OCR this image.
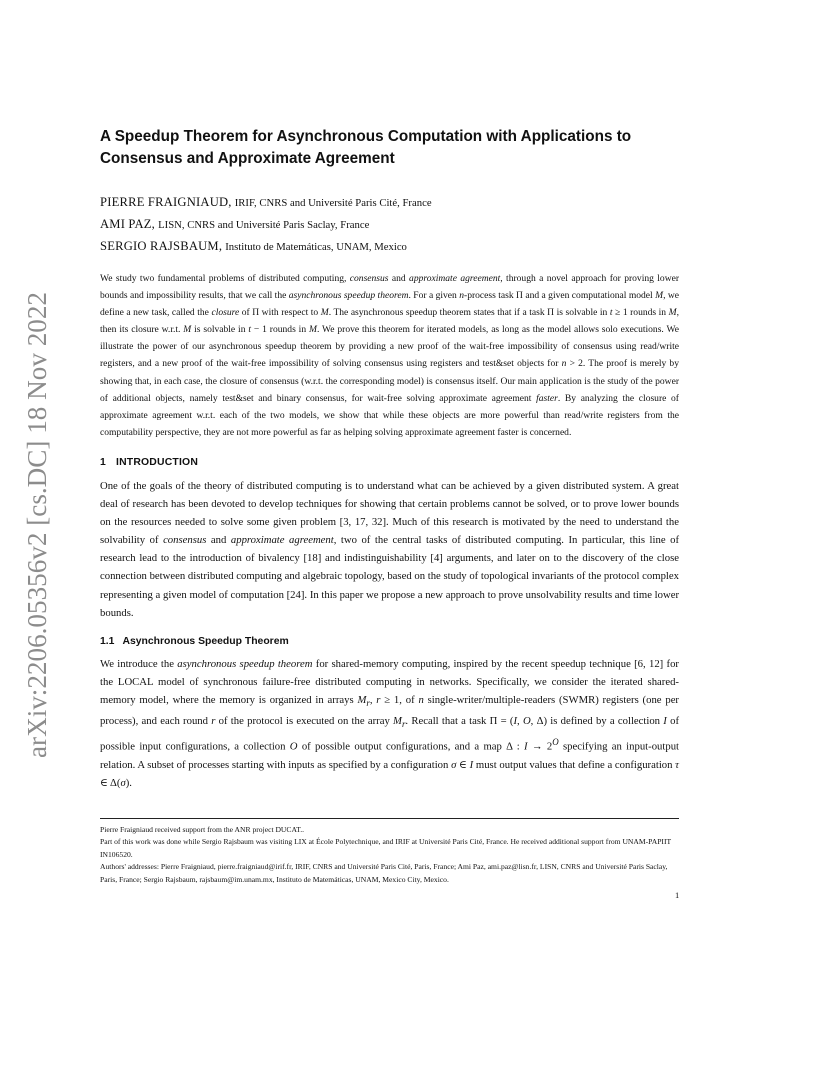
arXiv:2206.05356v2 [cs.DC] 18 Nov 2022
A Speedup Theorem for Asynchronous Computation with Applications to Consensus and Approximate Agreement
PIERRE FRAIGNIAUD, IRIF, CNRS and Université Paris Cité, France
AMI PAZ, LISN, CNRS and Université Paris Saclay, France
SERGIO RAJSBAUM, Instituto de Matemáticas, UNAM, Mexico

We study two fundamental problems of distributed computing, consensus and approximate agreement, through a novel approach for proving lower bounds and impossibility results, that we call the asynchronous speedup theorem. For a given n-process task Π and a given computational model M, we define a new task, called the closure of Π with respect to M. The asynchronous speedup theorem states that if a task Π is solvable in t ≥ 1 rounds in M, then its closure w.r.t. M is solvable in t − 1 rounds in M. We prove this theorem for iterated models, as long as the model allows solo executions. We illustrate the power of our asynchronous speedup theorem by providing a new proof of the wait-free impossibility of consensus using read/write registers, and a new proof of the wait-free impossibility of solving consensus using registers and test&set objects for n > 2. The proof is merely by showing that, in each case, the closure of consensus (w.r.t. the corresponding model) is consensus itself. Our main application is the study of the power of additional objects, namely test&set and binary consensus, for wait-free solving approximate agreement faster. By analyzing the closure of approximate agreement w.r.t. each of the two models, we show that while these objects are more powerful than read/write registers from the computability perspective, they are not more powerful as far as helping solving approximate agreement faster is concerned.

1 INTRODUCTION

One of the goals of the theory of distributed computing is to understand what can be achieved by a given distributed system. A great deal of research has been devoted to develop techniques for showing that certain problems cannot be solved, or to prove lower bounds on the resources needed to solve some given problem [3, 17, 32]. Much of this research is motivated by the need to understand the solvability of consensus and approximate agreement, two of the central tasks of distributed computing. In particular, this line of research lead to the introduction of bivalency [18] and indistinguishability [4] arguments, and later on to the discovery of the close connection between distributed computing and algebraic topology, based on the study of topological invariants of the protocol complex representing a given model of computation [24]. In this paper we propose a new approach to prove unsolvability results and time lower bounds.

1.1 Asynchronous Speedup Theorem

We introduce the asynchronous speedup theorem for shared-memory computing, inspired by the recent speedup technique [6, 12] for the LOCAL model of synchronous failure-free distributed computing in networks. Specifically, we consider the iterated shared-memory model, where the memory is organized in arrays $M_r$, r ≥ 1, of n single-writer/multiple-readers (SWMR) registers (one per process), and each round r of the protocol is executed on the array $M_r$. Recall that a task Π = (I, O, Δ) is defined by a collection I of possible input configurations, a collection O of possible output configurations, and a map Δ : $I \to 2^O$ specifying an input-output relation. A subset of processes starting with inputs as specified by a configuration σ ∈ I must output values that define a configuration τ ∈ Δ(σ).

Pierre Fraigniaud received support from the ANR project DUCAT..
Part of this work was done while Sergio Rajsbaum was visiting LIX at École Polytechnique, and IRIF at Université Paris Cité, France. He received additional support from UNAM-PAPIIT IN106520.
Authors' addresses: Pierre Fraigniaud, pierre.fraigniaud@irif.fr, IRIF, CNRS and Université Paris Cité, Paris, France; Ami Paz, ami.paz@lisn.fr, LISN, CNRS and Université Paris Saclay, Paris, France; Sergio Rajsbaum, rajsbaum@im.unam.mx, Instituto de Matemáticas, UNAM, Mexico City, Mexico.
1
